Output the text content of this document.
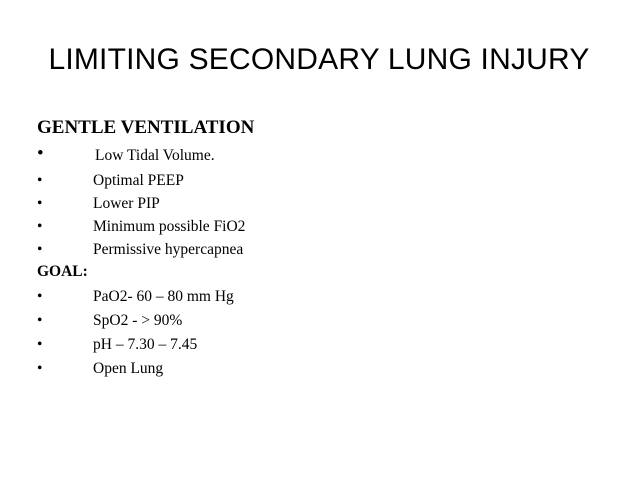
LIMITING SECONDARY LUNG INJURY
GENTLE VENTILATION
•	Low Tidal Volume.
•	Optimal PEEP
•	Lower PIP
•	Minimum possible FiO2
•	Permissive hypercapnea
GOAL:
•	PaO2- 60 – 80 mm Hg
•	SpO2 - > 90%
•	pH – 7.30 – 7.45
•	Open Lung
